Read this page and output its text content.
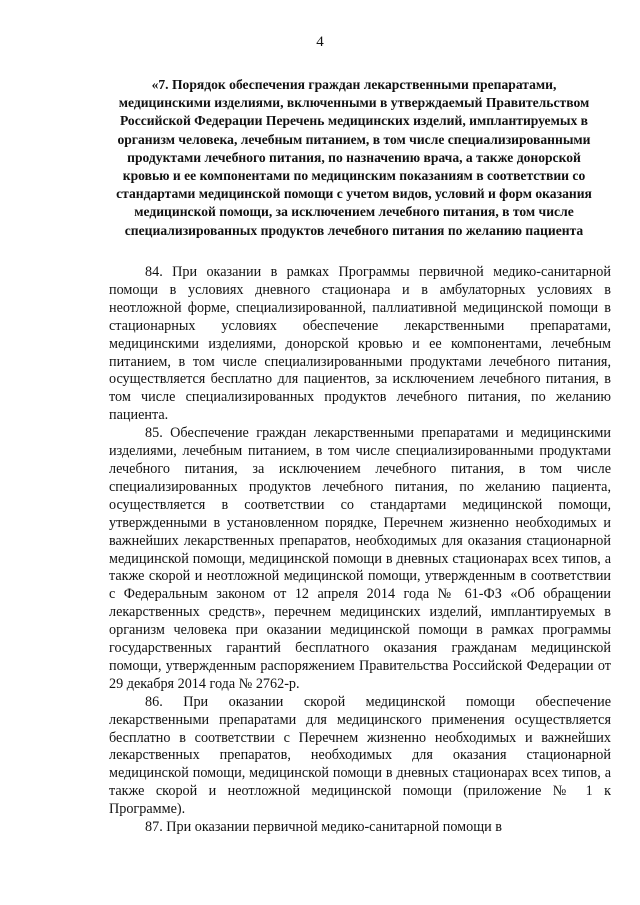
4
«7. Порядок обеспечения граждан лекарственными препаратами, медицинскими изделиями, включенными в утверждаемый Правительством Российской Федерации Перечень медицинских изделий, имплантируемых в организм человека, лечебным питанием, в том числе специализированными продуктами лечебного питания, по назначению врача, а также донорской кровью и ее компонентами по медицинским показаниям в соответствии со стандартами медицинской помощи с учетом видов, условий и форм оказания медицинской помощи, за исключением лечебного питания, в том числе специализированных продуктов лечебного питания по желанию пациента

84. При оказании в рамках Программы первичной медико-санитарной помощи в условиях дневного стационара и в амбулаторных условиях в неотложной форме, специализированной, паллиативной медицинской помощи в стационарных условиях обеспечение лекарственными препаратами, медицинскими изделиями, донорской кровью и ее компонентами, лечебным питанием, в том числе специализированными продуктами лечебного питания, осуществляется бесплатно для пациентов, за исключением лечебного питания, в том числе специализированных продуктов лечебного питания, по желанию пациента.

85. Обеспечение граждан лекарственными препаратами и медицинскими изделиями, лечебным питанием, в том числе специализированными продуктами лечебного питания, за исключением лечебного питания, в том числе специализированных продуктов лечебного питания, по желанию пациента, осуществляется в соответствии со стандартами медицинской помощи, утвержденными в установленном порядке, Перечнем жизненно необходимых и важнейших лекарственных препаратов, необходимых для оказания стационарной медицинской помощи, медицинской помощи в дневных стационарах всех типов, а также скорой и неотложной медицинской помощи, утвержденным в соответствии с Федеральным законом от 12 апреля 2014 года № 61-ФЗ «Об обращении лекарственных средств», перечнем медицинских изделий, имплантируемых в организм человека при оказании медицинской помощи в рамках программы государственных гарантий бесплатного оказания гражданам медицинской помощи, утвержденным распоряжением Правительства Российской Федерации от 29 декабря 2014 года № 2762-р.

86. При оказании скорой медицинской помощи обеспечение лекарственными препаратами для медицинского применения осуществляется бесплатно в соответствии с Перечнем жизненно необходимых и важнейших лекарственных препаратов, необходимых для оказания стационарной медицинской помощи, медицинской помощи в дневных стационарах всех типов, а также скорой и неотложной медицинской помощи (приложение № 1 к Программе).

87. При оказании первичной медико-санитарной помощи в
